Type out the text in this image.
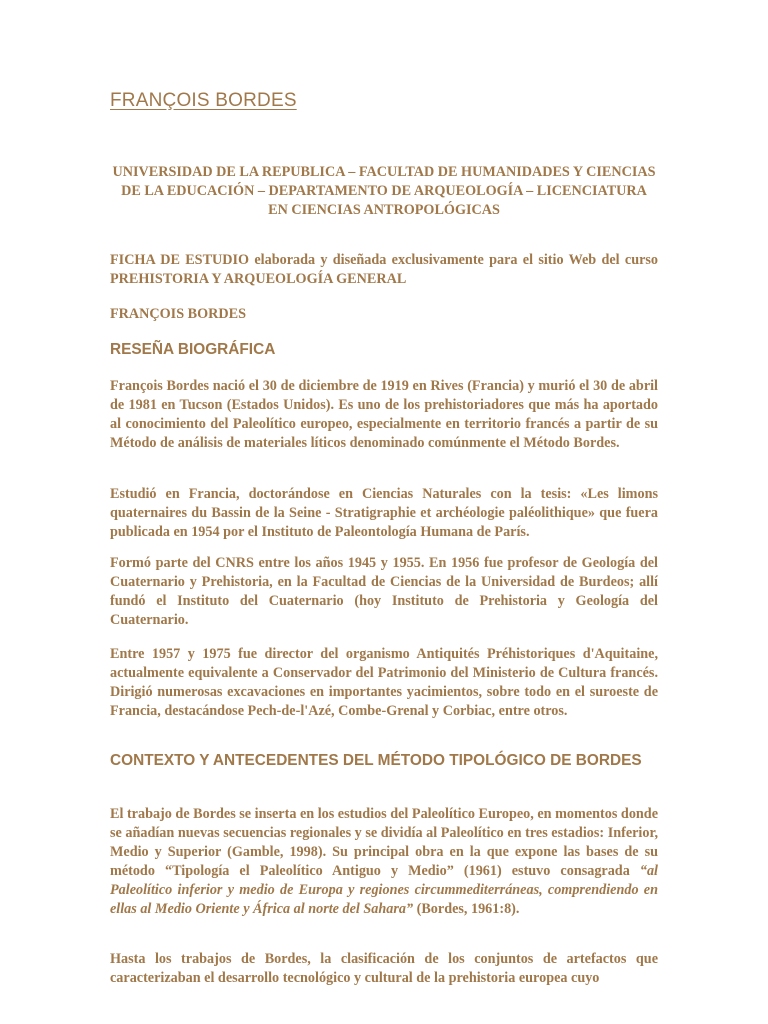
FRANÇOIS BORDES

UNIVERSIDAD DE LA REPUBLICA – FACULTAD DE HUMANIDADES Y CIENCIAS DE LA EDUCACIÓN – DEPARTAMENTO DE ARQUEOLOGÍA – LICENCIATURA EN CIENCIAS ANTROPOLÓGICAS

FICHA DE ESTUDIO elaborada y diseñada exclusivamente para el sitio Web del curso PREHISTORIA Y ARQUEOLOGÍA GENERAL

FRANÇOIS BORDES

RESEÑA BIOGRÁFICA

François Bordes nació el 30 de diciembre de 1919 en Rives (Francia) y murió el 30 de abril de 1981 en Tucson (Estados Unidos). Es uno de los prehistoriadores que más ha aportado al conocimiento del Paleolítico europeo, especialmente en territorio francés a partir de su Método de análisis de materiales líticos denominado comúnmente el Método Bordes.

Estudió en Francia, doctorándose en Ciencias Naturales con la tesis: «Les limons quaternaires du Bassin de la Seine - Stratigraphie et archéologie paléolithique» que fuera publicada en 1954 por el Instituto de Paleontología Humana de París.

Formó parte del CNRS entre los años 1945 y 1955. En 1956 fue profesor de Geología del Cuaternario y Prehistoria, en la Facultad de Ciencias de la Universidad de Burdeos; allí fundó el Instituto del Cuaternario (hoy Instituto de Prehistoria y Geología del Cuaternario.

Entre 1957 y 1975 fue director del organismo Antiquités Préhistoriques d'Aquitaine, actualmente equivalente a Conservador del Patrimonio del Ministerio de Cultura francés. Dirigió numerosas excavaciones en importantes yacimientos, sobre todo en el suroeste de Francia, destacándose Pech-de-l'Azé, Combe-Grenal y Corbiac, entre otros.

CONTEXTO Y ANTECEDENTES DEL MÉTODO TIPOLÓGICO DE BORDES

El trabajo de Bordes se inserta en los estudios del Paleolítico Europeo, en momentos donde se añadían nuevas secuencias regionales y se dividía al Paleolítico en tres estadios: Inferior, Medio y Superior (Gamble, 1998). Su principal obra en la que expone las bases de su método “Tipología el Paleolítico Antiguo y Medio” (1961) estuvo consagrada “al Paleolítico inferior y medio de Europa y regiones circummediterráneas, comprendiendo en ellas al Medio Oriente y África al norte del Sahara” (Bordes, 1961:8).

Hasta los trabajos de Bordes, la clasificación de los conjuntos de artefactos que caracterizaban el desarrollo tecnológico y cultural de la prehistoria europea cuyo
